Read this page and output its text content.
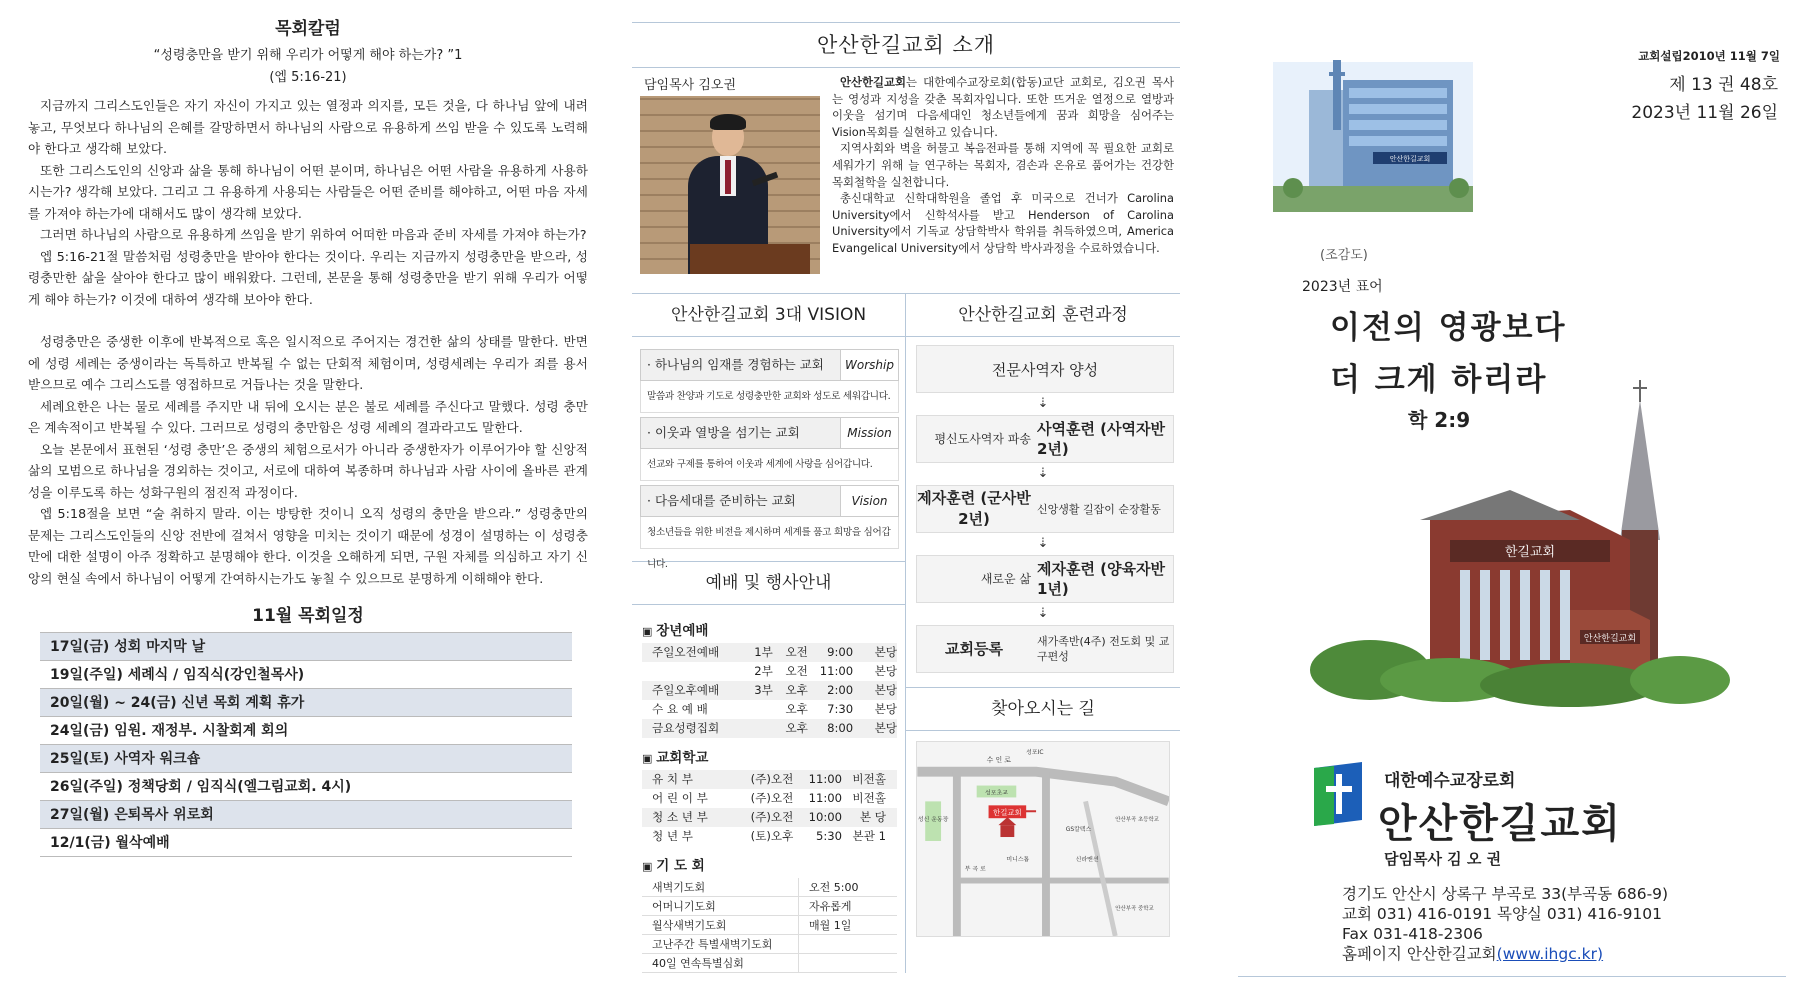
목회칼럼
“성령충만을 받기 위해 우리가 어떻게 해야 하는가? ”1
(엡 5:16-21)

지금까지 그리스도인들은 자기 자신이 가지고 있는 열정과 의지를, 모든 것을, 다 하나님 앞에 내려놓고, 무엇보다 하나님의 은혜를 갈망하면서 하나님의 사람으로 유용하게 쓰임 받을 수 있도록 노력해야 한다고 생각해 보았다.

또한 그리스도인의 신앙과 삶을 통해 하나님이 어떤 분이며, 하나님은 어떤 사람을 유용하게 사용하시는가? 생각해 보았다. 그리고 그 유용하게 사용되는 사람들은 어떤 준비를 해야하고, 어떤 마음 자세를 가져야 하는가에 대해서도 많이 생각해 보았다.

그러면 하나님의 사람으로 유용하게 쓰임을 받기 위하여 어떠한 마음과 준비 자세를 가져야 하는가?

엡 5:16-21절 말씀처럼 성령충만을 받아야 한다는 것이다. 우리는 지금까지 성령충만을 받으라, 성령충만한 삶을 살아야 한다고 많이 배워왔다. 그런데, 본문을 통해 성령충만을 받기 위해 우리가 어떻게 해야 하는가? 이것에 대하여 생각해 보아야 한다.

성령충만은 중생한 이후에 반복적으로 혹은 일시적으로 주어지는 경건한 삶의 상태를 말한다. 반면에 성령 세례는 중생이라는 독특하고 반복될 수 없는 단회적 체험이며, 성령세례는 우리가 죄를 용서받으므로 예수 그리스도를 영접하므로 거듭나는 것을 말한다.

세례요한은 나는 물로 세례를 주지만 내 뒤에 오시는 분은 불로 세례를 주신다고 말했다. 성령 충만은 계속적이고 반복될 수 있다. 그러므로 성령의 충만함은 성령 세례의 결과라고도 말한다.

오늘 본문에서 표현된 ‘성령 충만’은 중생의 체험으로서가 아니라 중생한자가 이루어가야 할 신앙적 삶의 모범으로 하나님을 경외하는 것이고, 서로에 대하여 복종하며 하나님과 사람 사이에 올바른 관계성을 이루도록 하는 성화구원의 점진적 과정이다.

엡 5:18절을 보면 “술 취하지 말라. 이는 방탕한 것이니 오직 성령의 충만을 받으라.” 성령충만의 문제는 그리스도인들의 신앙 전반에 걸쳐서 영향을 미치는 것이기 때문에 성경이 설명하는 이 성령충만에 대한 설명이 아주 정확하고 분명해야 한다. 이것을 오해하게 되면, 구원 자체를 의심하고 자기 신앙의 현실 속에서 하나님이 어떻게 간여하시는가도 놓칠 수 있으므로 분명하게 이해해야 한다.

11월 목회일정
17일(금) 성회 마지막 날
19일(주일) 세례식 / 임직식(강인철목사)
20일(월) ~ 24(금) 신년 목회 계획 휴가
24일(금) 임원. 재정부. 시찰회계 회의
25일(토) 사역자 워크숍
26일(주일) 정책당회 / 임직식(엘그림교회. 4시)
27일(월) 은퇴목사 위로회
12/1(금) 월삭예배
안산한길교회 소개
담임목사 김오권	안산한길교회는 대한예수교장로회(합동)교단 교회로, 김오권 목사는 영성과 지성을 갖춘 목회자입니다. 또한 뜨거운 열정으로 열방과 이웃을 섬기며 다음세대인 청소년들에게 꿈과 희망을 심어주는 Vision목회를 실현하고 있습니다.

지역사회와 벽을 허물고 복음전파를 통해 지역에 꼭 필요한 교회로 세워가기 위해 늘 연구하는 목회자, 겸손과 온유로 품어가는 건강한 목회철학을 실천합니다.

총신대학교 신학대학원을 졸업 후 미국으로 건너가 Carolina University에서 신학석사를 받고 Henderson of Carolina University에서 기독교 상담학박사 학위를 취득하였으며, America Evangelical University에서 상담학 박사과정을 수료하였습니다.

안산한길교회 3대 VISION
· 하나님의 임재를 경험하는 교회	Worship
말씀과 찬양과 기도로 성령충만한 교회와 성도로 세워갑니다.
· 이웃과 열방을 섬기는 교회	Mission
선교와 구제를 통하여 이웃과 세계에 사랑을 심어갑니다.
· 다음세대를 준비하는 교회	Vision
청소년들을 위한 비전을 제시하며 세계를 품고 희망을 심어갑니다.
예배 및 행사안내
▣ 장년예배
주일오전예배	1부	오전	9:00	본당
2부	오전	11:00	본당
주일오후예배	3부	오후	2:00	본당
수 요 예 배	오후	7:30	본당
금요성령집회	오후	8:00	본당
▣ 교회학교
유 치 부	(주)오전	11:00 비전홀
어 린 이 부	(주)오전	11:00 비전홀
청 소 년 부	(주)오전	10:00	본 당
청 년 부	(토)오후	5:30 본관 1
▣ 기 도 회
새벽기도회	오전 5:00
어머니기도회	자유롭게
월삭새벽기도회	매월 1일
고난주간 특별새벽기도회
40일 연속특별심회
안산한길교회 훈련과정
전문사역자 양성
⇣
평신도사역자 파송
사역훈련 (사역자반 2년)
⇣
제자훈련 (군사반 2년)
신앙생활 길잡이 순장활동
⇣
새로운 삶
제자훈련 (양육자반 1년)
⇣
교회등록	새가족반(4주) 전도회 및 교 구편성
찾아오시는 길
성포초교
성신 운동장
수 인 로
성포IC
한길교회
GS칼텍스
미니스톱	신라맨션
부 곡 로
안산부곡 초등학교
안산부곡 중학교
교회설립2010년 11월 7일
제 13 권 48호
2023년 11월 26일
안산한길교회
(조감도)
2023년 표어
이전의 영광보다
더 크게 하리라
학 2:9
한길교회
안산한길교회
대한예수교장로회
안산한길교회
담임목사 김 오 권
경기도 안산시 상록구 부곡로 33(부곡동 686-9)
교회 031) 416-0191 목양실 031) 416-9101
Fax 031-418-2306
홈페이지 안산한길교회(www.ihgc.kr)
